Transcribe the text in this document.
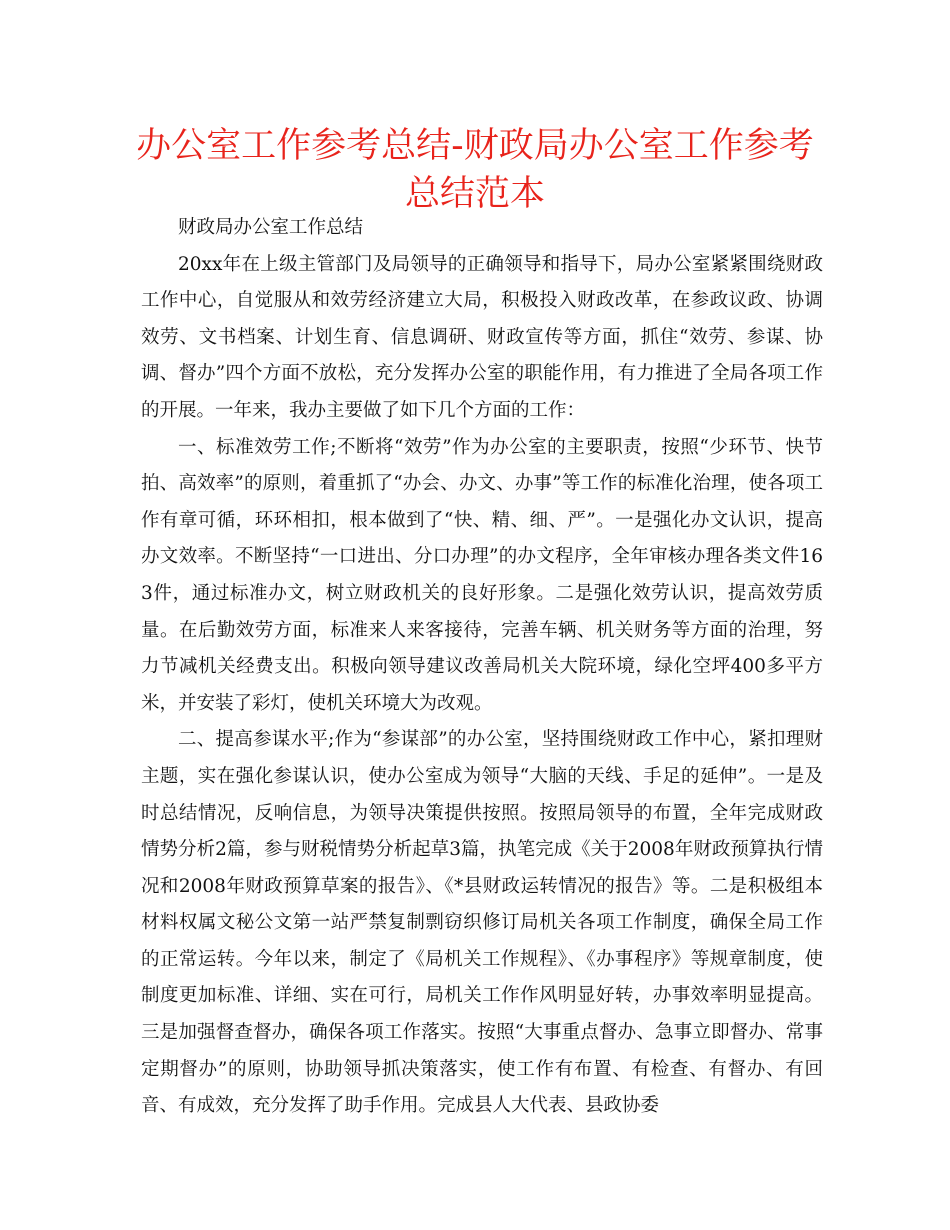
办公室工作参考总结-财政局办公室工作参考总结范本

财政局办公室工作总结

20xx年在上级主管部门及局领导的正确领导和指导下，局办公室紧紧围绕财政工作中心，自觉服从和效劳经济建立大局，积极投入财政改革，在参政议政、协调效劳、文书档案、计划生育、信息调研、财政宣传等方面，抓住“效劳、参谋、协调、督办”四个方面不放松，充分发挥办公室的职能作用，有力推进了全局各项工作的开展。一年来，我办主要做了如下几个方面的工作：

一、标准效劳工作;不断将“效劳”作为办公室的主要职责，按照“少环节、快节拍、高效率”的原则，着重抓了“办会、办文、办事”等工作的标准化治理，使各项工作有章可循，环环相扣，根本做到了“快、精、细、严”。一是强化办文认识，提高办文效率。不断坚持“一口进出、分口办理”的办文程序，全年审核办理各类文件163件，通过标准办文，树立财政机关的良好形象。二是强化效劳认识，提高效劳质量。在后勤效劳方面，标准来人来客接待，完善车辆、机关财务等方面的治理，努力节减机关经费支出。积极向领导建议改善局机关大院环境，绿化空坪400多平方米，并安装了彩灯，使机关环境大为改观。

二、提高参谋水平;作为“参谋部”的办公室，坚持围绕财政工作中心，紧扣理财主题，实在强化参谋认识，使办公室成为领导“大脑的天线、手足的延伸”。一是及时总结情况，反响信息，为领导决策提供按照。按照局领导的布置，全年完成财政情势分析2篇，参与财税情势分析起草3篇，执笔完成《关于2008年财政预算执行情况和2008年财政预算草案的报告》、《*县财政运转情况的报告》等。二是积极组本材料权属文秘公文第一站严禁复制剽窃织修订局机关各项工作制度，确保全局工作的正常运转。今年以来，制定了《局机关工作规程》、《办事程序》等规章制度，使制度更加标准、详细、实在可行，局机关工作作风明显好转，办事效率明显提高。三是加强督查督办，确保各项工作落实。按照“大事重点督办、急事立即督办、常事定期督办”的原则，协助领导抓决策落实，使工作有布置、有检查、有督办、有回音、有成效，充分发挥了助手作用。完成县人大代表、县政协委
